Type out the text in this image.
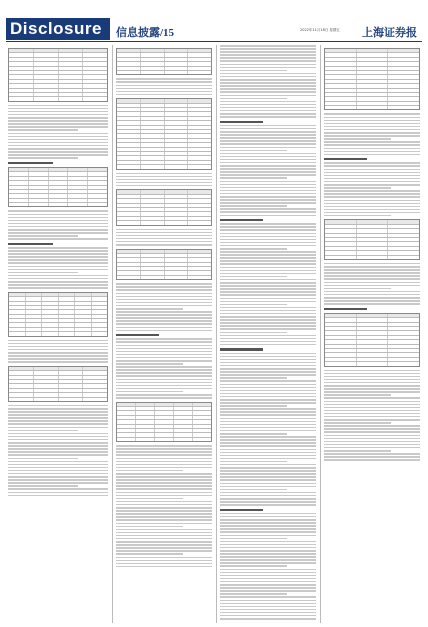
Disclosure	信息披露/15	2022年11月18日 星期五 上海证券报
